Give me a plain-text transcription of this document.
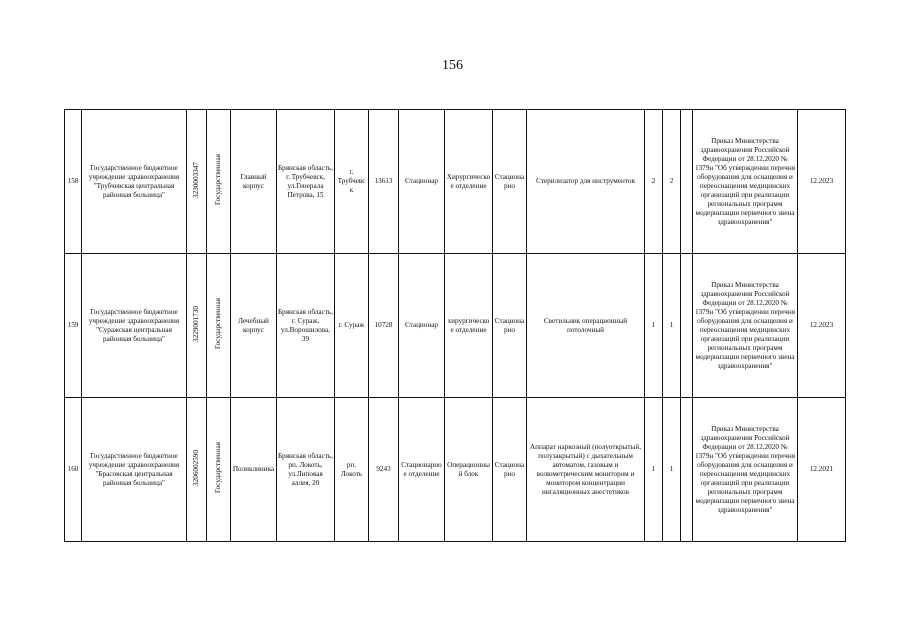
156
158	Государственное бюджетное учреждение здравоохранения "Трубчевская центральная районная больница"	3230003347	Государственная	Главный корпус	Брянская область, г. Трубчевск, ул.Генерала Петрова, 15	г. Трубчевск	13613	Стационар	Хирургическое отделение	Стационарно	Стерилизатор для инструментов	2	2		Приказ Министерства здравоохранения Российской Федерации от 28.12.2020 № 1379н "Об утверждении перечня оборудования для оснащения и переоснащения медицинских организаций при реализации региональных программ модернизации первичного звена здравоохранения"	12.2023
159	Государственное бюджетное учреждение здравоохранения "Суражская центральная районная больница"	3229001730	Государственная	Лечебный корпус	Брянская область, г. Сураж, ул.Ворошилова, 39	г. Сураж	10728	Стационар	хирургическое отделение	Стационарно	Светильник операционный потолочный	1	1		Приказ Министерства здравоохранения Российской Федерации от 28.12.2020 № 1379н "Об утверждении перечня оборудования для оснащения и переоснащения медицинских организаций при реализации региональных программ модернизации первичного звена здравоохранения"	12.2023
160	Государственное бюджетное учреждение здравоохранения "Брасовская центральная районная больница"	3206002590	Государственная	Поликлиника	Брянская область, рп. Локоть, ул.Липовая аллея, 20	рп. Локоть	9243	Стационарное отделение	Операционный блок	Стационарно	Аппарат наркозный (полуоткрытый, полузакрытый) с дыхательным автоматом, газовым и волюметрическим монитором и монитором концентрации ингаляционных анестетиков	1	1		Приказ Министерства здравоохранения Российской Федерации от 28.12.2020 № 1379н "Об утверждении перечня оборудования для оснащения и переоснащения медицинских организаций при реализации региональных программ модернизации первичного звена здравоохранения"	12.2021
